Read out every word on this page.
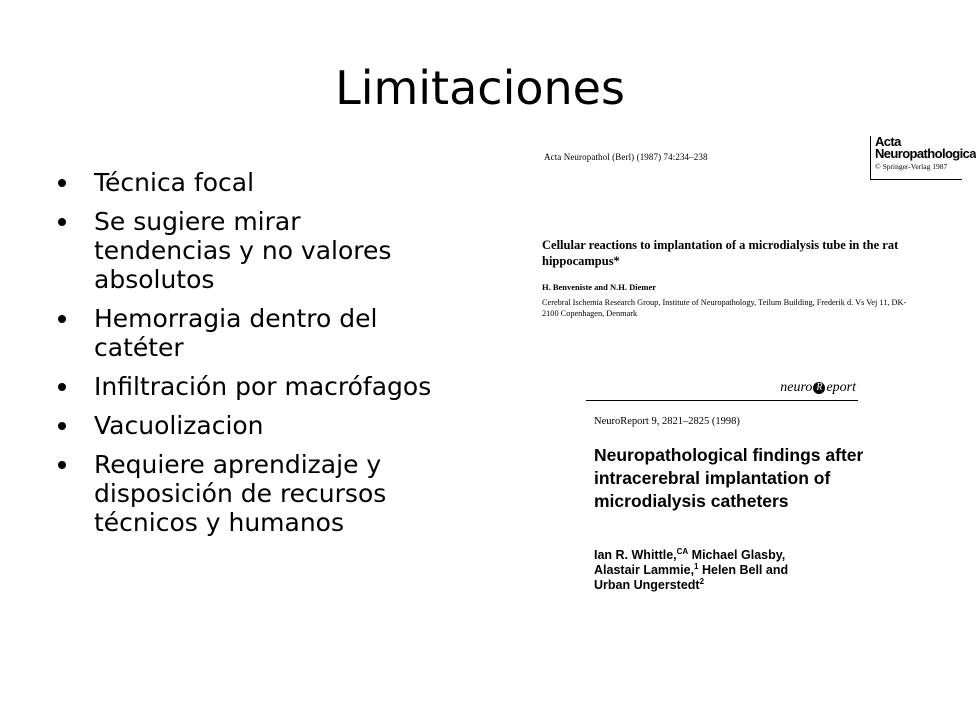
Limitaciones
Técnica focal
Se sugiere mirar tendencias y no valores absolutos
Hemorragia dentro del catéter
Infiltración por macrófagos
Vacuolizacion
Requiere aprendizaje y disposición de recursos técnicos y humanos
Acta Neuropathol (Berl) (1987) 74:234–238
Acta
Neuropathologica
© Springer-Verlag 1987
Cellular reactions to implantation of a microdialysis tube in the rat hippocampus*
H. Benveniste and N.H. Diemer
Cerebral Ischemia Research Group, Institute of Neuropathology, Teilum Building, Frederik d. Vs Vej 11, DK-2100 Copenhagen, Denmark
neuro R eport
NeuroReport 9, 2821–2825 (1998)
Neuropathological findings after intracerebral implantation of microdialysis catheters
Ian R. Whittle,$^{CA}$ Michael Glasby,
Alastair Lammie,$^1$ Helen Bell and
Urban Ungerstedt$^2$
